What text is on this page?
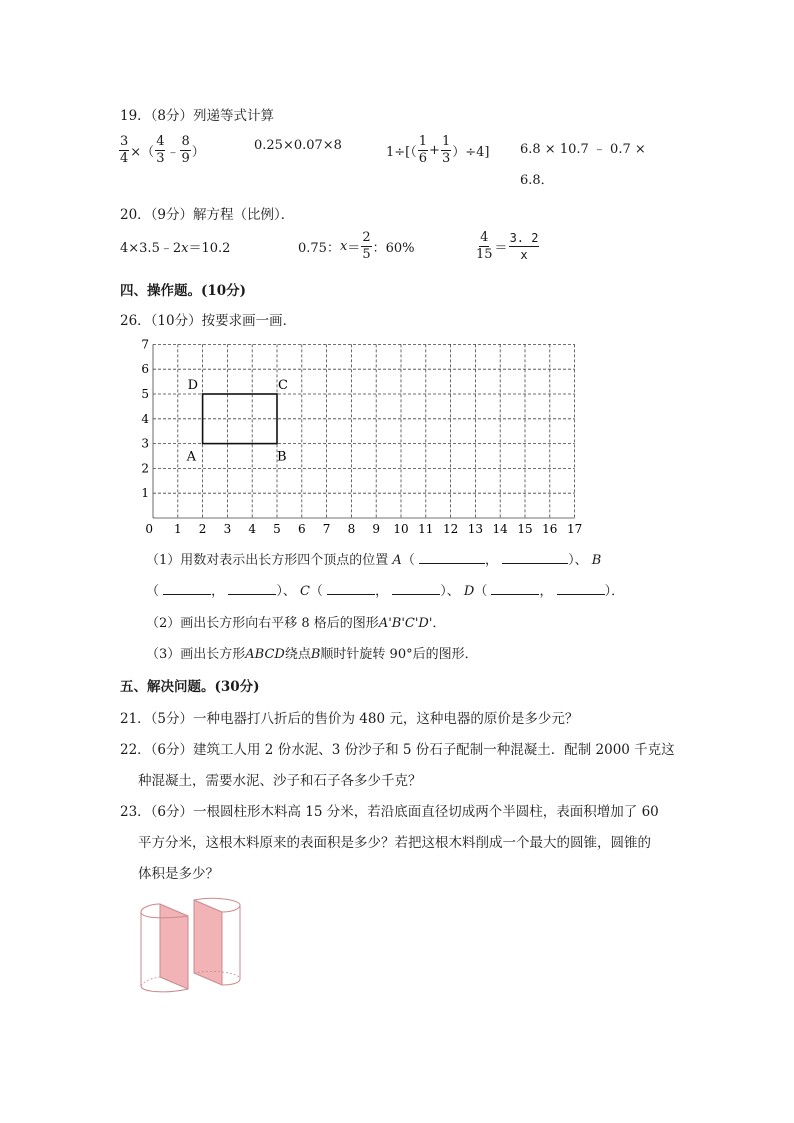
19．（8分）列递等式计算
$\frac{3}{4}$ ×（ $\frac{4}{3}$ ﹣ $\frac{8}{9}$ ）	0.25×0.07×8	$1\div[( \frac{1}{6} + \frac{1}{3} )\div 4]$ 6.8 × 10.7 ﹣ 0.7 ×
6.8．
20．（9分）解方程（比例）．
4×3.5﹣2x＝10.2	0.75： $x = \frac{2}{5}$ ：60%	$\frac{4}{15} = \frac{3. 2}{x}$
四、操作题。(10分)
26．（10分）按要求画一画．
0 1 2 3 4 5 6 7 8 9 10 11 12 13 14 15 16 17
1
2
3
4
5
6
7
A	B
C
D
（1）用数对表示出长方形四个顶点的位置 A（	，	）、 B
（	，	）、 C（	，	）、 D（	，	）．
（2）画出长方形向右平移 8 格后的图形A'B'C'D'．
（3）画出长方形ABCD绕点B顺时针旋转 90°后的图形．
五、解决问题。(30分)
21．（5分）一种电器打八折后的售价为 480 元，这种电器的原价是多少元？
22．（6分）建筑工人用 2 份水泥、3 份沙子和 5 份石子配制一种混凝土．配制 2000 千克这
种混凝土，需要水泥、沙子和石子各多少千克？
23．（6分）一根圆柱形木料高 15 分米，若沿底面直径切成两个半圆柱，表面积增加了 60
平方分米，这根木料原来的表面积是多少？若把这根木料削成一个最大的圆锥，圆锥的
体积是多少？
